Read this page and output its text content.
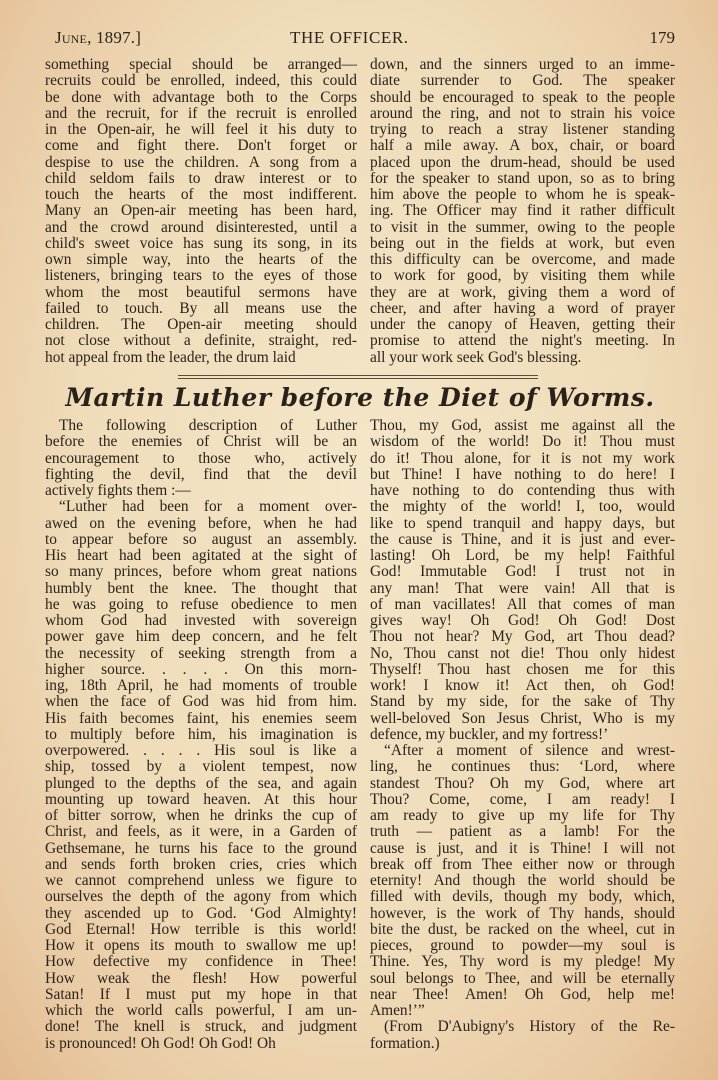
June, 1897.]	THE OFFICER.	179
something special should be arranged—
recruits could be enrolled, indeed, this could
be done with advantage both to the Corps
and the recruit, for if the recruit is enrolled
in the Open-air, he will feel it his duty to
come and fight there. Don't forget or
despise to use the children. A song from a
child seldom fails to draw interest or to
touch the hearts of the most indifferent.
Many an Open-air meeting has been hard,
and the crowd around disinterested, until a
child's sweet voice has sung its song, in its
own simple way, into the hearts of the
listeners, bringing tears to the eyes of those
whom the most beautiful sermons have
failed to touch. By all means use the
children. The Open-air meeting should
not close without a definite, straight, red-
hot appeal from the leader, the drum laid
down, and the sinners urged to an imme-
diate surrender to God. The speaker
should be encouraged to speak to the people
around the ring, and not to strain his voice
trying to reach a stray listener standing
half a mile away. A box, chair, or board
placed upon the drum-head, should be used
for the speaker to stand upon, so as to bring
him above the people to whom he is speak-
ing. The Officer may find it rather difficult
to visit in the summer, owing to the people
being out in the fields at work, but even
this difficulty can be overcome, and made
to work for good, by visiting them while
they are at work, giving them a word of
cheer, and after having a word of prayer
under the canopy of Heaven, getting their
promise to attend the night's meeting. In
all your work seek God's blessing.
Martin Luther before the Diet of Worms.
The following description of Luther
before the enemies of Christ will be an
encouragement to those who, actively
fighting the devil, find that the devil
actively fights them :—
“Luther had been for a moment over-
awed on the evening before, when he had
to appear before so august an assembly.
His heart had been agitated at the sight of
so many princes, before whom great nations
humbly bent the knee. The thought that
he was going to refuse obedience to men
whom God had invested with sovereign
power gave him deep concern, and he felt
the necessity of seeking strength from a
higher source. . . . . On this morn-
ing, 18th April, he had moments of trouble
when the face of God was hid from him.
His faith becomes faint, his enemies seem
to multiply before him, his imagination is
overpowered. . . . . His soul is like a
ship, tossed by a violent tempest, now
plunged to the depths of the sea, and again
mounting up toward heaven. At this hour
of bitter sorrow, when he drinks the cup of
Christ, and feels, as it were, in a Garden of
Gethsemane, he turns his face to the ground
and sends forth broken cries, cries which
we cannot comprehend unless we figure to
ourselves the depth of the agony from which
they ascended up to God. ‘God Almighty!
God Eternal! How terrible is this world!
How it opens its mouth to swallow me up!
How defective my confidence in Thee!
How weak the flesh! How powerful
Satan! If I must put my hope in that
which the world calls powerful, I am un-
done! The knell is struck, and judgment
is pronounced! Oh God! Oh God! Oh
Thou, my God, assist me against all the
wisdom of the world! Do it! Thou must
do it! Thou alone, for it is not my work
but Thine! I have nothing to do here! I
have nothing to do contending thus with
the mighty of the world! I, too, would
like to spend tranquil and happy days, but
the cause is Thine, and it is just and ever-
lasting! Oh Lord, be my help! Faithful
God! Immutable God! I trust not in
any man! That were vain! All that is
of man vacillates! All that comes of man
gives way! Oh God! Oh God! Dost
Thou not hear? My God, art Thou dead?
No, Thou canst not die! Thou only hidest
Thyself! Thou hast chosen me for this
work! I know it! Act then, oh God!
Stand by my side, for the sake of Thy
well-beloved Son Jesus Christ, Who is my
defence, my buckler, and my fortress!’
“After a moment of silence and wrest-
ling, he continues thus: ‘Lord, where
standest Thou? Oh my God, where art
Thou? Come, come, I am ready! I
am ready to give up my life for Thy
truth — patient as a lamb! For the
cause is just, and it is Thine! I will not
break off from Thee either now or through
eternity! And though the world should be
filled with devils, though my body, which,
however, is the work of Thy hands, should
bite the dust, be racked on the wheel, cut in
pieces, ground to powder—my soul is
Thine. Yes, Thy word is my pledge! My
soul belongs to Thee, and will be eternally
near Thee! Amen! Oh God, help me!
Amen!’”
(From D'Aubigny's History of the Re-
formation.)
